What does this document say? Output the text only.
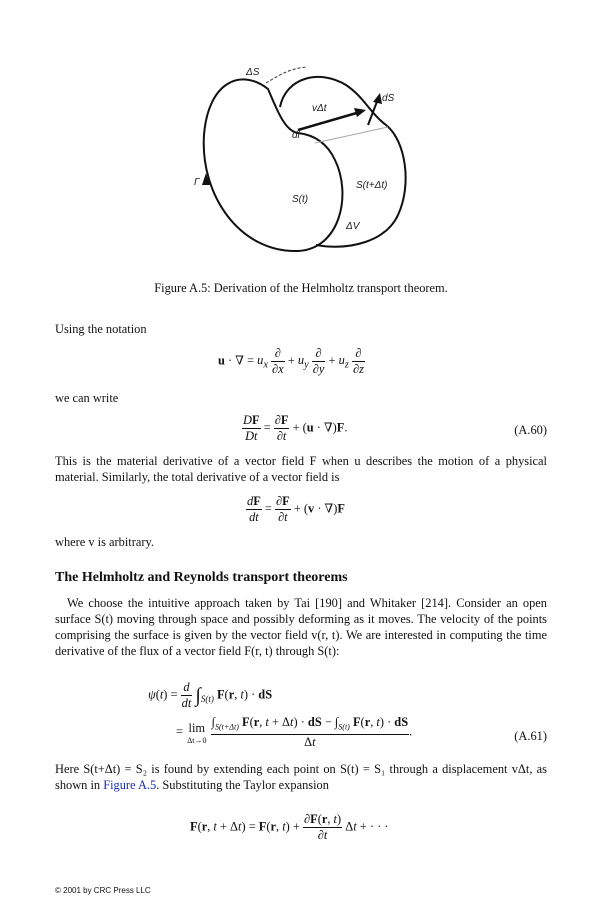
ΔS
dS
vΔt
dl
Γ
S(t)
S(t+Δt)
ΔV
Figure A.5: Derivation of the Helmholtz transport theorem.
Using the notation
u · ∇ = $u_x \frac{\partial}{\partial x} + u_y \frac{\partial}{\partial y} + u_z \frac{\partial}{\partial z}$
we can write
$\frac{DF}{Dt} = \frac{\partial F}{\partial t} + (u \cdot \nabla)F$.	(A.60)
This is the material derivative of a vector field F when u describes the motion of a physical material. Similarly, the total derivative of a vector field is
$\frac{dF}{dt} = \frac{\partial F}{\partial t} + (v \cdot \nabla)F$
where v is arbitrary.
The Helmholtz and Reynolds transport theorems
We choose the intuitive approach taken by Tai [190] and Whitaker [214]. Consider an open surface S(t) moving through space and possibly deforming as it moves. The velocity of the points comprising the surface is given by the vector field v(r, t). We are interested in computing the time derivative of the flux of a vector field F(r, t) through S(t):
$\psi(t) = \frac{d}{dt} \int_{S(t)}$ F(r, t) · dS
= lim
Δt→0
$\frac{\int_{S(t+\Delta t)} F(r, t + \Delta t) \cdot dS - \int_{S(t)} F(r, t) \cdot dS}{\Delta t}$ .	(A.61)
Here S(t+Δt) = S₂ is found by extending each point on S(t) = S₁ through a displacement vΔt, as shown in Figure A.5. Substituting the Taylor expansion
F(r, t + Δt) = F(r, $t) + \frac{\partial F(r, t)}{\partial t}$ Δt + · · ·
© 2001 by CRC Press LLC
